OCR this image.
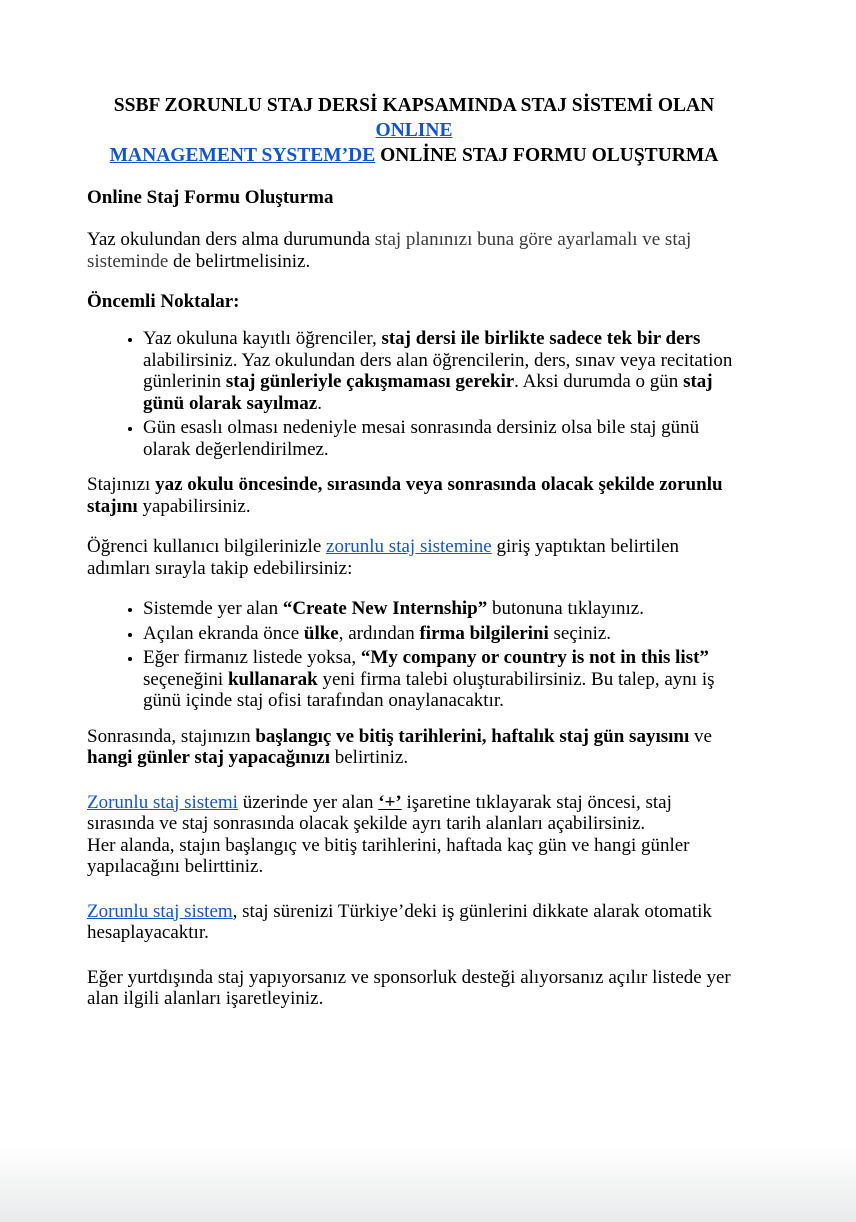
SSBF ZORUNLU STAJ DERSİ KAPSAMINDA STAJ SİSTEMİ OLAN ONLINE
MANAGEMENT SYSTEM’DE ONLİNE STAJ FORMU OLUŞTURMA
Online Staj Formu Oluşturma

Yaz okulundan ders alma durumunda staj planınızı buna göre ayarlamalı ve staj sisteminde de belirtmelisiniz.

Öncemli Noktalar:
• Yaz okuluna kayıtlı öğrenciler, staj dersi ile birlikte sadece tek bir ders alabilirsiniz. Yaz okulundan ders alan öğrencilerin, ders, sınav veya recitation günlerinin staj günleriyle çakışmaması gerekir. Aksi durumda o gün staj günü olarak sayılmaz.
• Gün esaslı olması nedeniyle mesai sonrasında dersiniz olsa bile staj günü olarak değerlendirilmez.

Stajınızı yaz okulu öncesinde, sırasında veya sonrasında olacak şekilde zorunlu stajını yapabilirsiniz.

Öğrenci kullanıcı bilgilerinizle zorunlu staj sistemine giriş yaptıktan belirtilen adımları sırayla takip edebilirsiniz:

• Sistemde yer alan “Create New Internship” butonuna tıklayınız.
• Açılan ekranda önce ülke, ardından firma bilgilerini seçiniz.
• Eğer firmanız listede yoksa, “My company or country is not in this list” seçeneğini kullanarak yeni firma talebi oluşturabilirsiniz. Bu talep, aynı iş günü içinde staj ofisi tarafından onaylanacaktır.

Sonrasında, stajınızın başlangıç ve bitiş tarihlerini, haftalık staj gün sayısını ve hangi günler staj yapacağınızı belirtiniz.

Zorunlu staj sistemi üzerinde yer alan ‘+’ işaretine tıklayarak staj öncesi, staj sırasında ve staj sonrasında olacak şekilde ayrı tarih alanları açabilirsiniz.
Her alanda, stajın başlangıç ve bitiş tarihlerini, haftada kaç gün ve hangi günler yapılacağını belirttiniz.

Zorunlu staj sistem, staj sürenizi Türkiye’deki iş günlerini dikkate alarak otomatik hesaplayacaktır.

Eğer yurtdışında staj yapıyorsanız ve sponsorluk desteği alıyorsanız açılır listede yer alan ilgili alanları işaretleyiniz.
